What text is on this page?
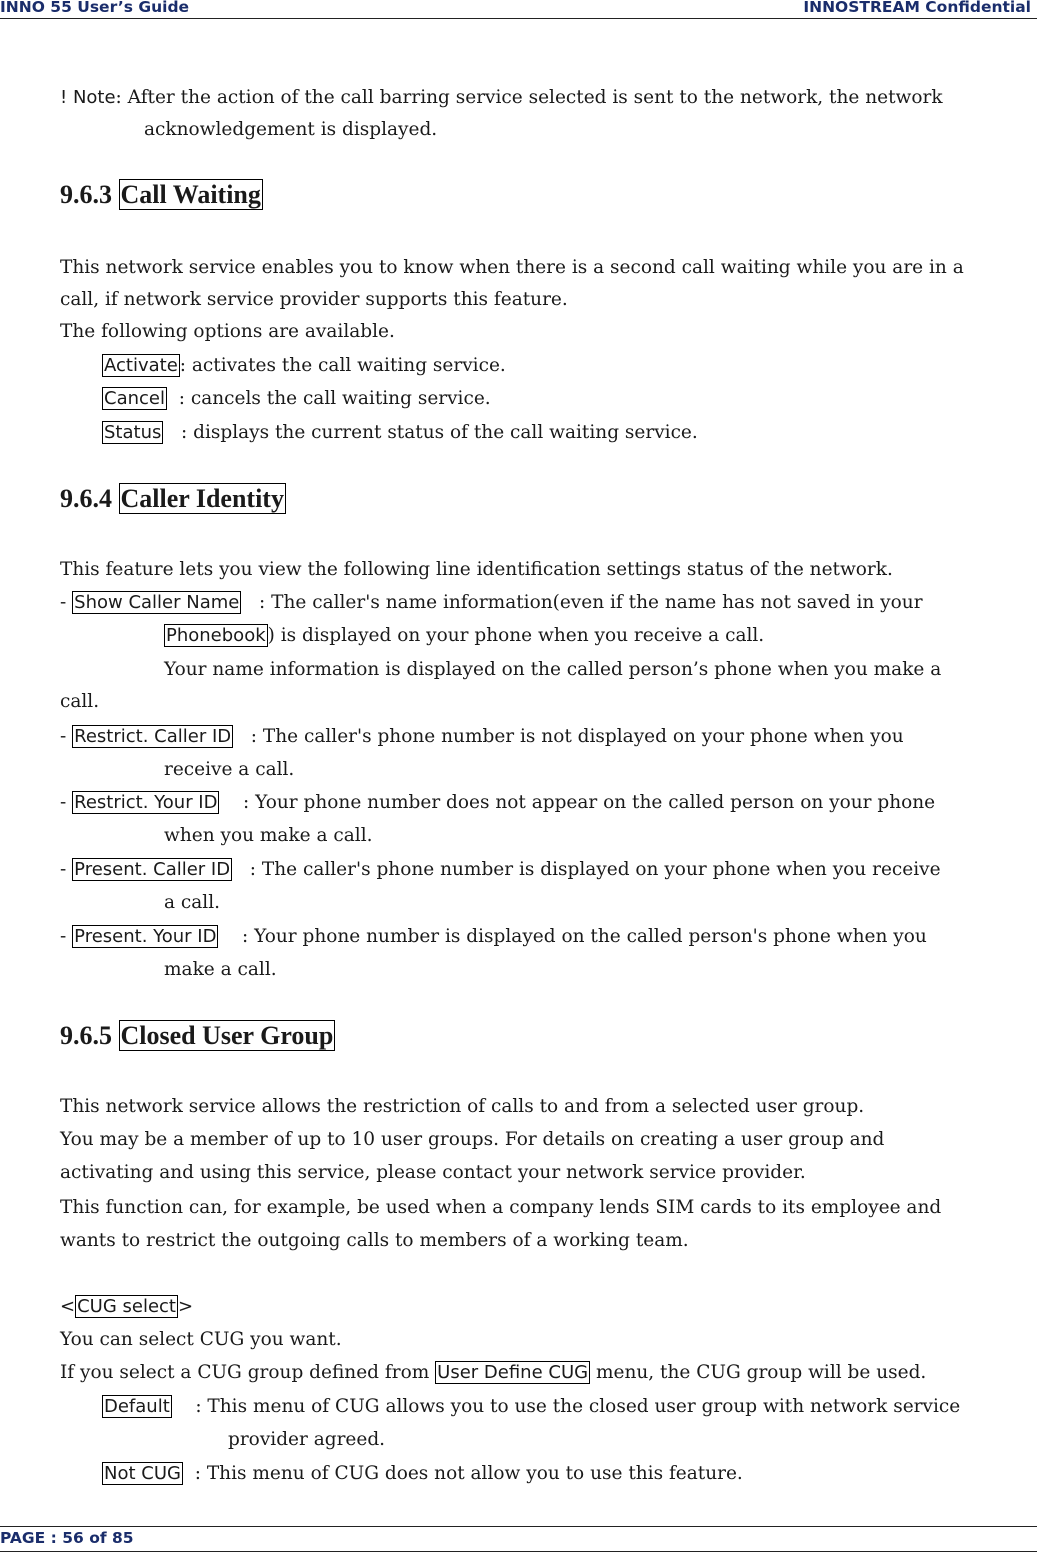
INNO 55 User’s Guide	INNOSTREAM Confidential
! Note: After the action of the call barring service selected is sent to the network, the network
acknowledgement is displayed.
9.6.3 Call Waiting
This network service enables you to know when there is a second call waiting while you are in a
call, if network service provider supports this feature.
The following options are available.
Activate : activates the call waiting service.
Cancel : cancels the call waiting service.
Status : displays the current status of the call waiting service.
9.6.4 Caller Identity
This feature lets you view the following line identification settings status of the network.
- Show Caller Name : The caller's name information(even if the name has not saved in your
Phonebook ) is displayed on your phone when you receive a call.
Your name information is displayed on the called person’s phone when you make a
call.
- Restrict. Caller ID : The caller's phone number is not displayed on your phone when you
receive a call.
- Restrict. Your ID : Your phone number does not appear on the called person on your phone
when you make a call.
- Present. Caller ID : The caller's phone number is displayed on your phone when you receive
a call.
- Present. Your ID : Your phone number is displayed on the called person's phone when you
make a call.
9.6.5 Closed User Group
This network service allows the restriction of calls to and from a selected user group.
You may be a member of up to 10 user groups. For details on creating a user group and
activating and using this service, please contact your network service provider.
This function can, for example, be used when a company lends SIM cards to its employee and
wants to restrict the outgoing calls to members of a working team.
< CUG select >
You can select CUG you want.
If you select a CUG group defined from User Define CUG menu, the CUG group will be used.
Default : This menu of CUG allows you to use the closed user group with network service
provider agreed.
Not CUG : This menu of CUG does not allow you to use this feature.
PAGE : 56 of 85
